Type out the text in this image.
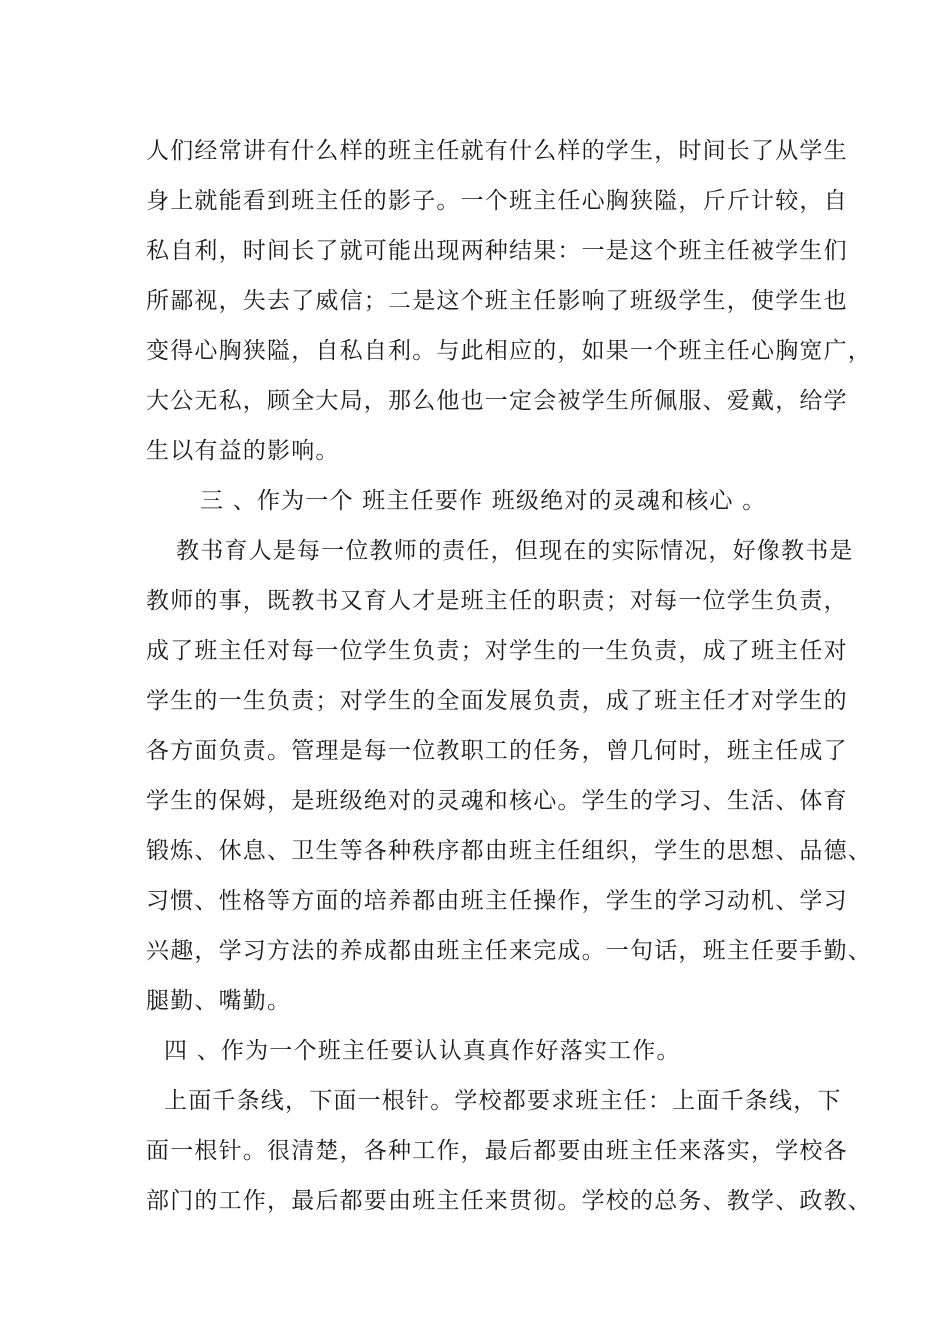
人们经常讲有什么样的班主任就有什么样的学生，时间长了从学生
身上就能看到班主任的影子。一个班主任心胸狭隘，斤斤计较，自
私自利，时间长了就可能出现两种结果：一是这个班主任被学生们
所鄙视，失去了威信；二是这个班主任影响了班级学生，使学生也
变得心胸狭隘，自私自利。与此相应的，如果一个班主任心胸宽广，
大公无私，顾全大局，那么他也一定会被学生所佩服、爱戴，给学
生以有益的影响。
三 、作为一个 班主任要作 班级绝对的灵魂和核心 。
教书育人是每一位教师的责任，但现在的实际情况，好像教书是
教师的事，既教书又育人才是班主任的职责；对每一位学生负责，
成了班主任对每一位学生负责；对学生的一生负责，成了班主任对
学生的一生负责；对学生的全面发展负责，成了班主任才对学生的
各方面负责。管理是每一位教职工的任务，曾几何时，班主任成了
学生的保姆，是班级绝对的灵魂和核心。学生的学习、生活、体育
锻炼、休息、卫生等各种秩序都由班主任组织，学生的思想、品德、
习惯、性格等方面的培养都由班主任操作，学生的学习动机、学习
兴趣，学习方法的养成都由班主任来完成。一句话，班主任要手勤、
腿勤、嘴勤。
四 、作为一个班主任要认认真真作好落实工作。
上面千条线，下面一根针。学校都要求班主任：上面千条线，下
面一根针。很清楚，各种工作，最后都要由班主任来落实，学校各
部门的工作，最后都要由班主任来贯彻。学校的总务、教学、政教、
